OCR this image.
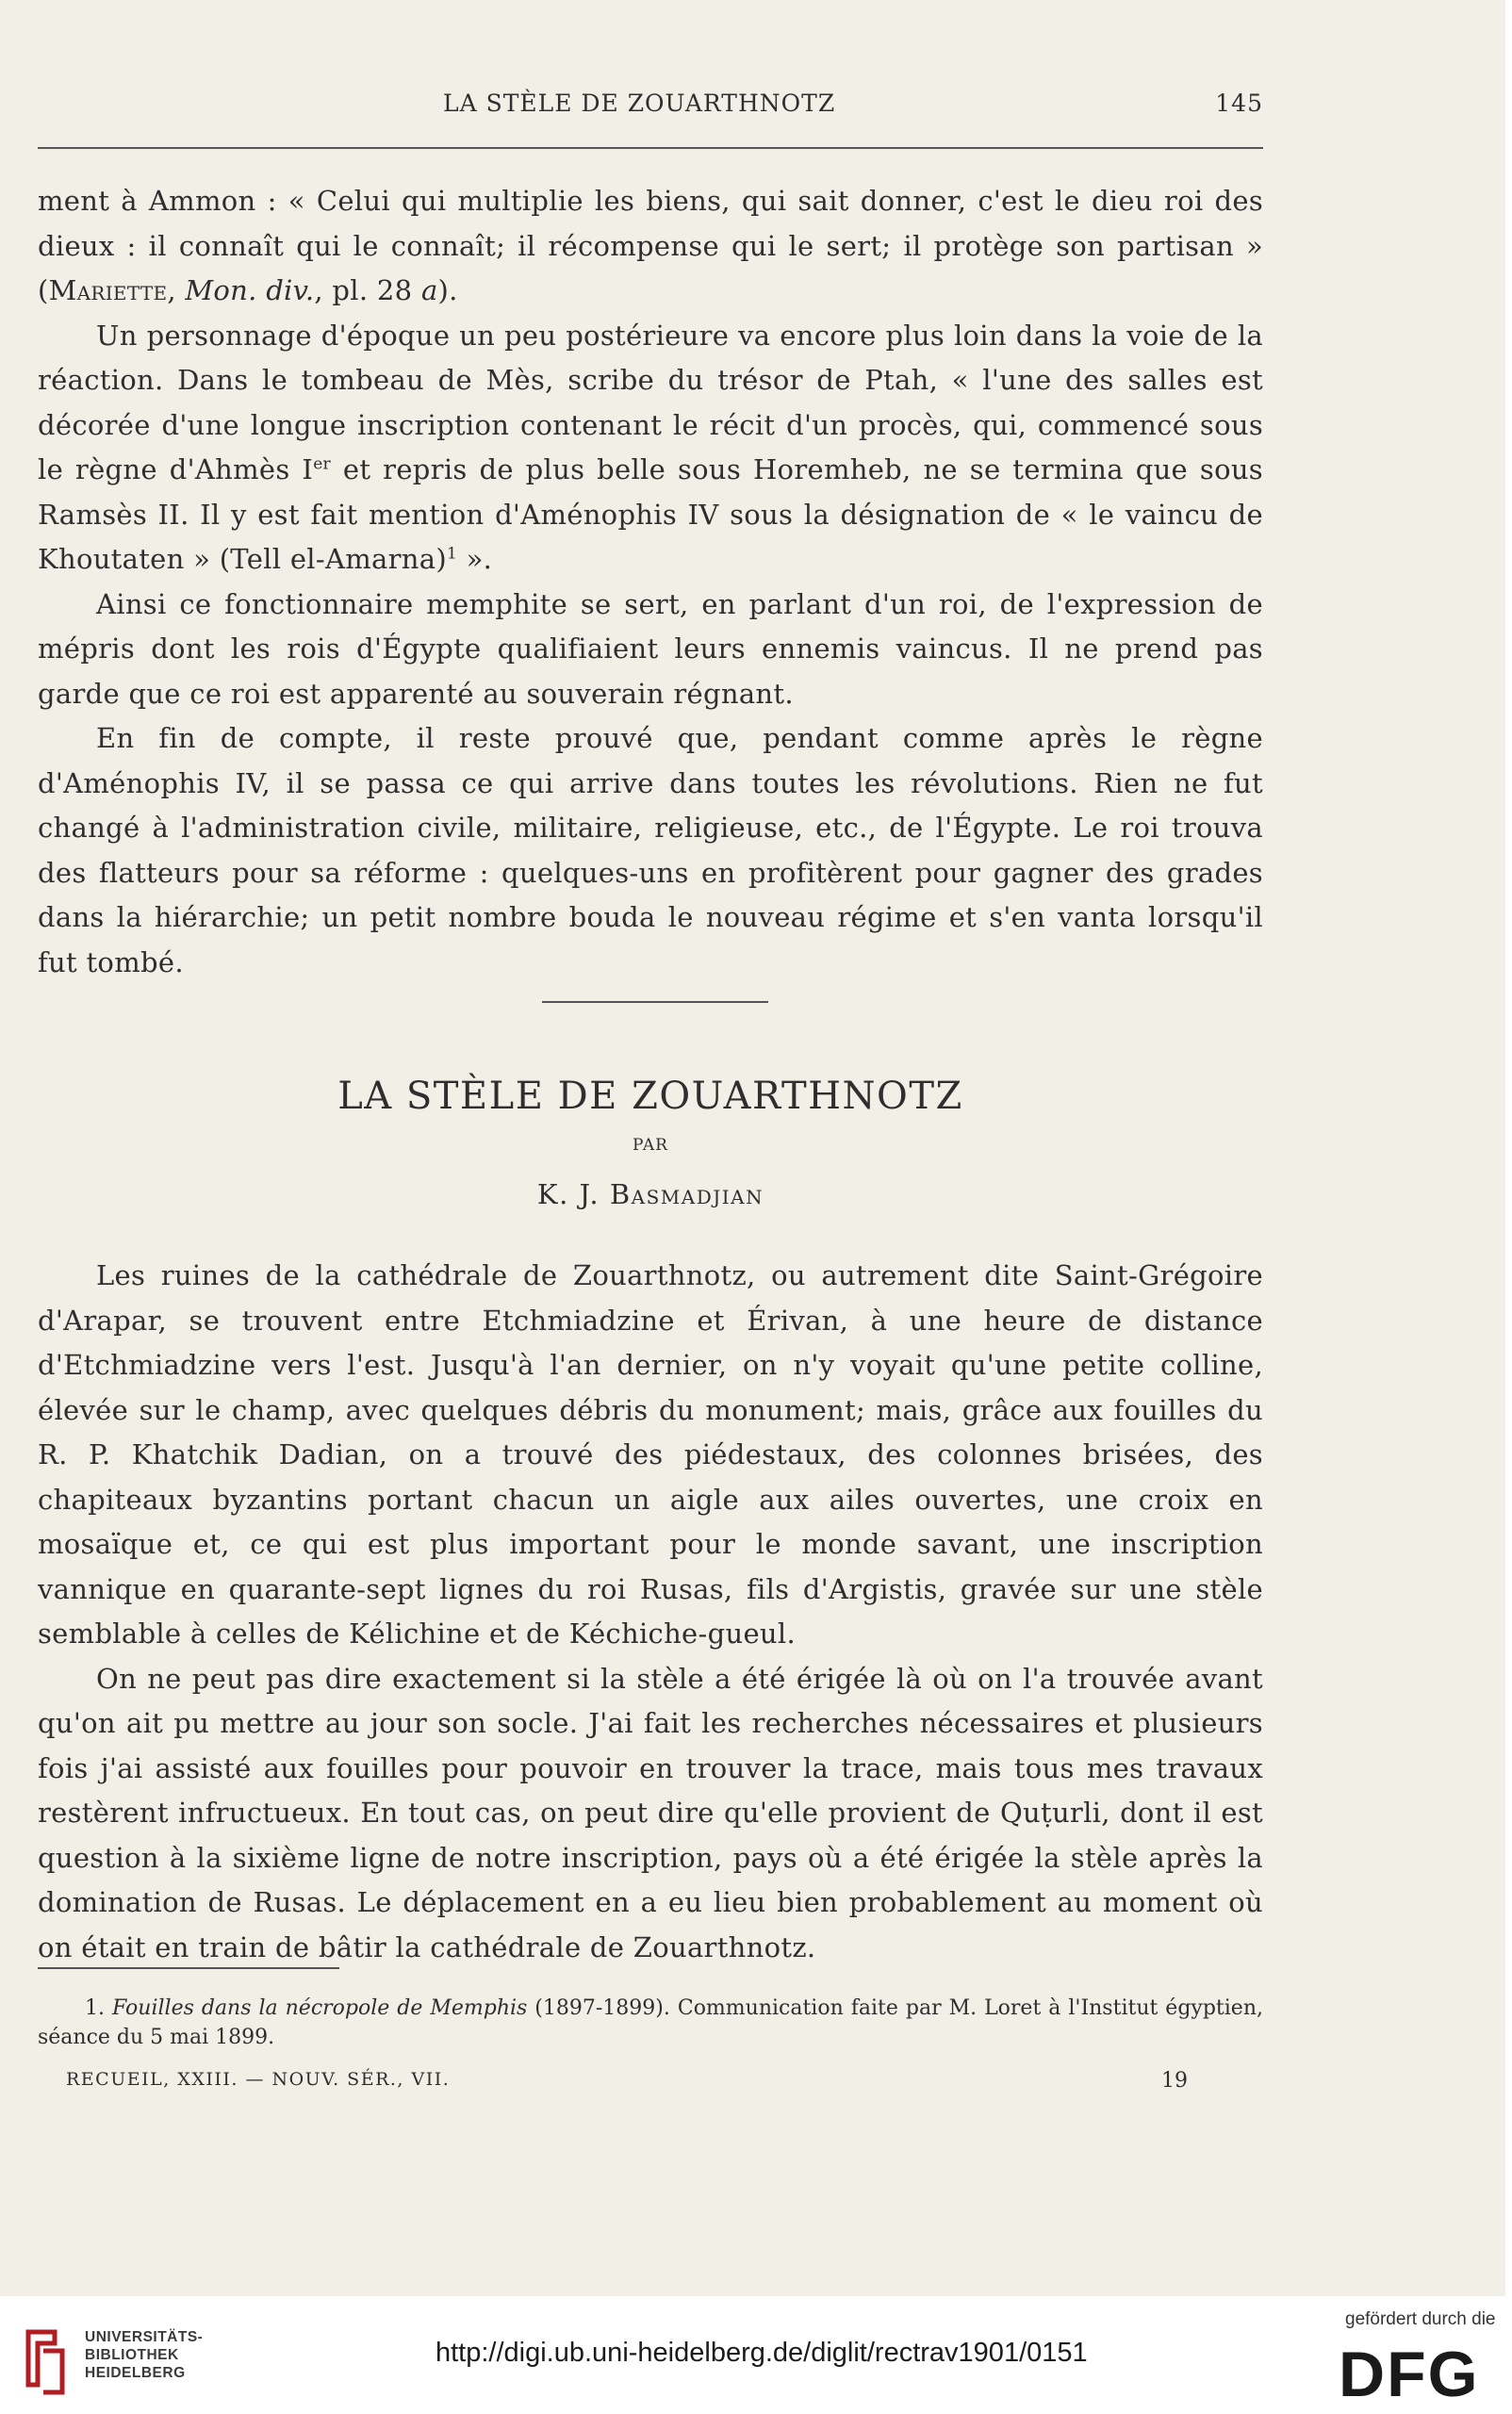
LA STÈLE DE ZOUARTHNOTZ	145

ment à Ammon : « Celui qui multiplie les biens, qui sait donner, c'est le dieu roi des dieux : il connaît qui le connaît; il récompense qui le sert; il protège son partisan » (Mariette, Mon. div., pl. 28 a).

Un personnage d'époque un peu postérieure va encore plus loin dans la voie de la réaction. Dans le tombeau de Mès, scribe du trésor de Ptah, « l'une des salles est décorée d'une longue inscription contenant le récit d'un procès, qui, commencé sous le règne d'Ahmès Ier et repris de plus belle sous Horemheb, ne se termina que sous Ramsès II. Il y est fait mention d'Aménophis IV sous la désignation de « le vaincu de Khoutaten » (Tell el-Amarna)$^1$ ».

Ainsi ce fonctionnaire memphite se sert, en parlant d'un roi, de l'expression de mépris dont les rois d'Égypte qualifiaient leurs ennemis vaincus. Il ne prend pas garde que ce roi est apparenté au souverain régnant.

En fin de compte, il reste prouvé que, pendant comme après le règne d'Aménophis IV, il se passa ce qui arrive dans toutes les révolutions. Rien ne fut changé à l'administration civile, militaire, religieuse, etc., de l'Égypte. Le roi trouva des flatteurs pour sa réforme : quelques-uns en profitèrent pour gagner des grades dans la hiérarchie; un petit nombre bouda le nouveau régime et s'en vanta lorsqu'il fut tombé.

LA STÈLE DE ZOUARTHNOTZ
PAR
K. J. Basmadjian

Les ruines de la cathédrale de Zouarthnotz, ou autrement dite Saint-Grégoire d'Arapar, se trouvent entre Etchmiadzine et Érivan, à une heure de distance d'Etchmiadzine vers l'est. Jusqu'à l'an dernier, on n'y voyait qu'une petite colline, élevée sur le champ, avec quelques débris du monument; mais, grâce aux fouilles du R. P. Khatchik Dadian, on a trouvé des piédestaux, des colonnes brisées, des chapiteaux byzantins portant chacun un aigle aux ailes ouvertes, une croix en mosaïque et, ce qui est plus important pour le monde savant, une inscription vannique en quarante-sept lignes du roi Rusas, fils d'Argistis, gravée sur une stèle semblable à celles de Kélichine et de Kéchiche-gueul.

On ne peut pas dire exactement si la stèle a été érigée là où on l'a trouvée avant qu'on ait pu mettre au jour son socle. J'ai fait les recherches nécessaires et plusieurs fois j'ai assisté aux fouilles pour pouvoir en trouver la trace, mais tous mes travaux restèrent infructueux. En tout cas, on peut dire qu'elle provient de Quṭurli, dont il est question à la sixième ligne de notre inscription, pays où a été érigée la stèle après la domination de Rusas. Le déplacement en a eu lieu bien probablement au moment où on était en train de bâtir la cathédrale de Zouarthnotz.

1. Fouilles dans la nécropole de Memphis (1897-1899). Communication faite par M. Loret à l'Institut égyptien, séance du 5 mai 1899.
RECUEIL, XXIII. — NOUV. SÉR., VII.	19
UNIVERSITÄTS-
BIBLIOTHEK
HEIDELBERG
http://digi.ub.uni-heidelberg.de/diglit/rectrav1901/0151
gefördert durch die
DFG
